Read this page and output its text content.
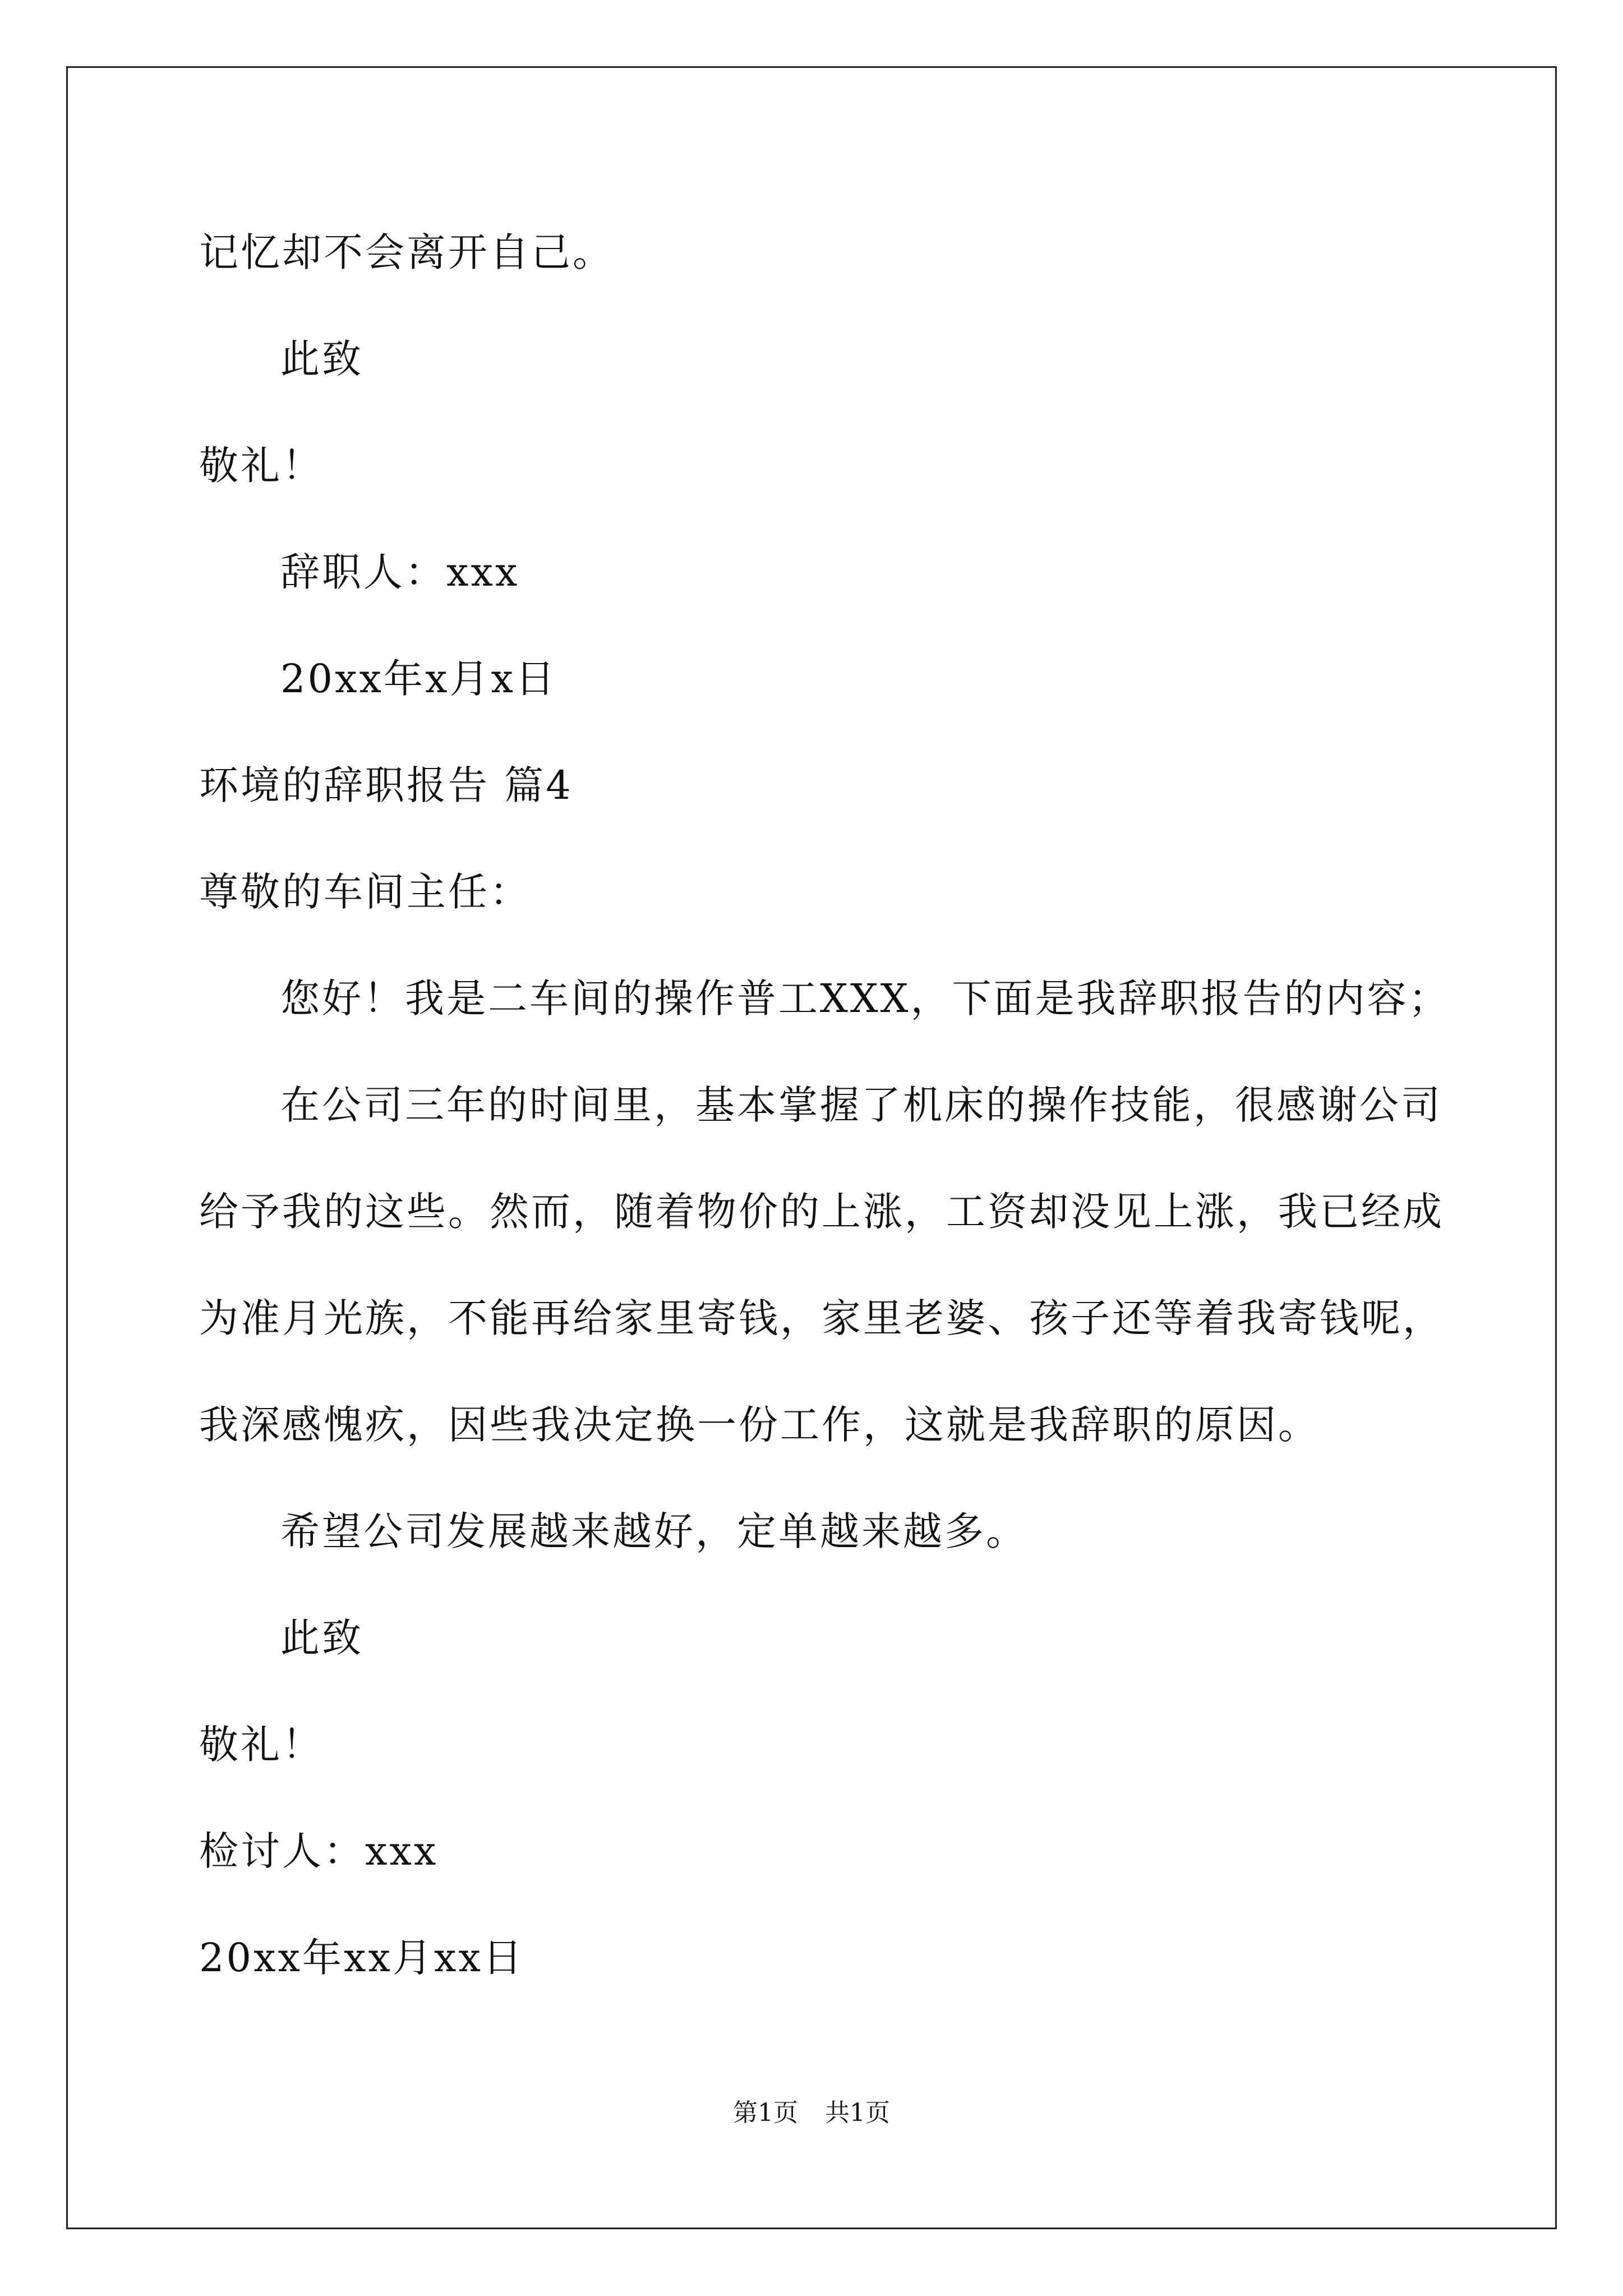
记忆却不会离开自己。
此致
敬礼！
辞职人：xxx
20xx年x月x日
环境的辞职报告 篇4
尊敬的车间主任：
您好！我是二车间的操作普工XXX，下面是我辞职报告的内容；
在公司三年的时间里，基本掌握了机床的操作技能，很感谢公司
给予我的这些。然而，随着物价的上涨，工资却没见上涨，我已经成
为准月光族，不能再给家里寄钱，家里老婆、孩子还等着我寄钱呢，
我深感愧疚，因些我决定换一份工作，这就是我辞职的原因。
希望公司发展越来越好，定单越来越多。
此致
敬礼！
检讨人：xxx
20xx年xx月xx日
第1页 共1页
